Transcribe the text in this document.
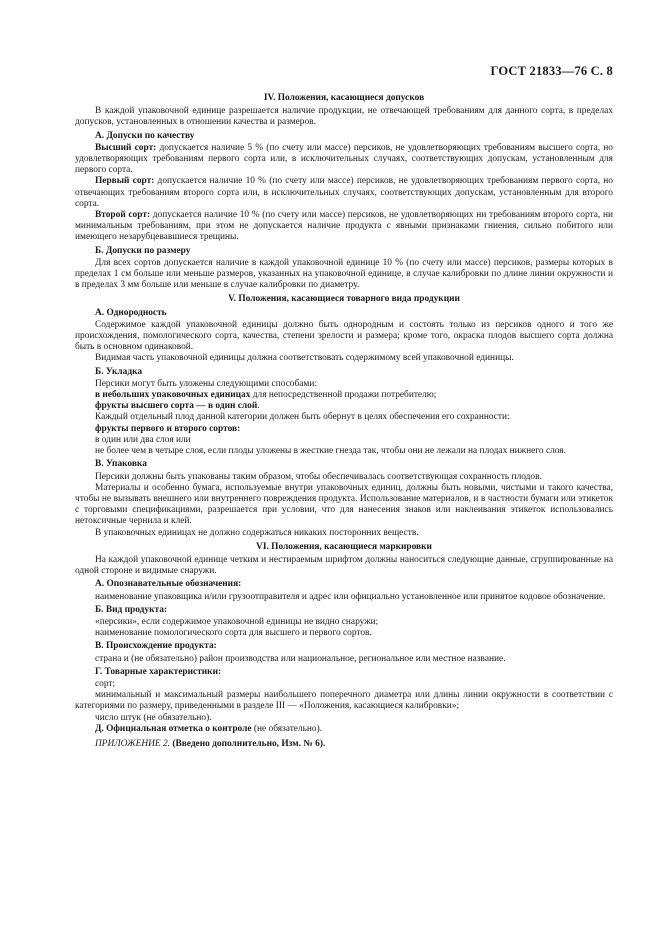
ГОСТ 21833—76 С. 8
IV. Положения, касающиеся допусков

В каждой упаковочной единице разрешается наличие продукции, не отвечающей требованиям для данного сорта, в пределах допусков, установленных в отношении качества и размеров.

А. Допуски по качеству

Высший сорт: допускается наличие 5 % (по счету или массе) персиков, не удовлетворяющих требованиям высшего сорта, но удовлетворяющих требованиям первого сорта или, в исключительных случаях, соответствующих допускам, установленным для первого сорта.

Первый сорт: допускается наличие 10 % (по счету или массе) персиков, не удовлетворяющих требованиям первого сорта, но отвечающих требованиям второго сорта или, в исключительных случаях, соответствующих допускам, установленным для второго сорта.

Второй сорт: допускается наличие 10 % (по счету или массе) персиков, не удовлетворяющих ни требованиям второго сорта, ни минимальным требованиям, при этом не допускается наличие продукта с явными признаками гниения, сильно побитого или имеющего незарубцевавшиеся трещины.

Б. Допуски по размеру

Для всех сортов допускается наличие в каждой упаковочной единице 10 % (по счету или массе) персиков, размеры которых в пределах 1 см больше или меньше размеров, указанных на упаковочной единице, в случае калибровки по длине линии окружности и в пределах 3 мм больше или меньше в случае калибровки по диаметру.

V. Положения, касающиеся товарного вида продукции
А. Однородность

Содержимое каждой упаковочной единицы должно быть однородным и состоять только из персиков одного и того же происхождения, помологического сорта, качества, степени зрелости и размера; кроме того, окраска плодов высшего сорта должна быть в основном одинаковой.

Видимая часть упаковочной единицы должна соответствовать содержимому всей упаковочной единицы.

Б. Укладка

Персики могут быть уложены следующими способами:

в небольших упаковочных единицах для непосредственной продажи потребителю;

фрукты высшего сорта — в один слой.

Каждый отдельный плод данной категории должен быть обернут в целях обеспечения его сохранности:

фрукты первого и второго сортов:

в один или два слоя или

не более чем в четыре слоя, если плоды уложены в жесткие гнезда так, чтобы они не лежали на плодах нижнего слоя.

В. Упаковка

Персики должны быть упакованы таким образом, чтобы обеспечивалась соответствующая сохранность плодов.

Материалы и особенно бумага, используемые внутри упаковочных единиц, должны быть новыми, чистыми и такого качества, чтобы не вызывать внешнего или внутреннего повреждения продукта. Использование материалов, и в частности бумаги или этикеток с торговыми спецификациями, разрешается при условии, что для нанесения знаков или наклеивания этикеток использовались нетоксичные чернила и клей.

В упаковочных единицах не должно содержаться никаких посторонних веществ.

VI. Положения, касающиеся маркировки

На каждой упаковочной единице четким и нестираемым шрифтом должны наноситься следующие данные, сгруппированные на одной стороне и видимые снаружи.

А. Опознавательные обозначения:

наименование упаковщика и/или грузоотправителя и адрес или официально установленное или принятое кодовое обозначение.

Б. Вид продукта:

«персики», если содержимое упаковочной единицы не видно снаружи;

наименование помологического сорта для высшего и первого сортов.

В. Происхождение продукта:

страна и (не обязательно) район производства или национальное, региональное или местное название.

Г. Товарные характеристики:

сорт;

минимальный и максимальный размеры наибольшего поперечного диаметра или длины линии окружности в соответствии с категориями по размеру, приведенными в разделе III — «Положения, касающиеся калибровки»;

число штук (не обязательно).

Д. Официальная отметка о контроле (не обязательно).

ПРИЛОЖЕНИЕ 2. (Введено дополнительно, Изм. № 6).
